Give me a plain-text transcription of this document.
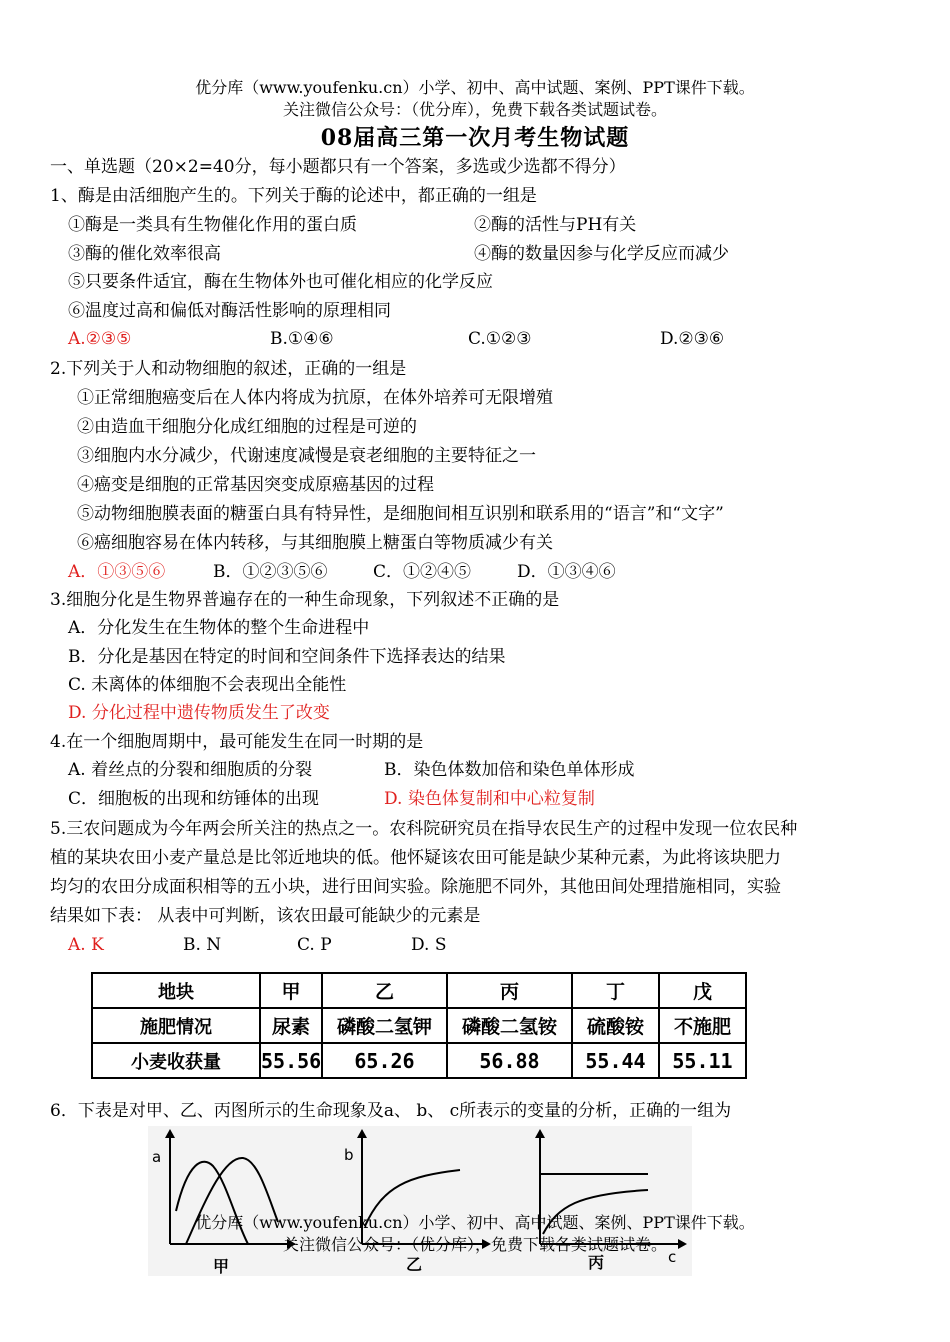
优分库（www.youfenku.cn）小学、初中、高中试题、案例、PPT课件下载。
关注微信公众号：（优分库），免费下载各类试题试卷。
08届高三第一次月考生物试题
一、单选题（20×2=40分，每小题都只有一个答案，多选或少选都不得分）
1、酶是由活细胞产生的。下列关于酶的论述中，都正确的一组是
①酶是一类具有生物催化作用的蛋白质	②酶的活性与PH有关
③酶的催化效率很高	④酶的数量因参与化学反应而减少
⑤只要条件适宜，酶在生物体外也可催化相应的化学反应
⑥温度过高和偏低对酶活性影响的原理相同
A.②③⑤	B.①④⑥	C.①②③	D.②③⑥
2.下列关于人和动物细胞的叙述，正确的一组是
①正常细胞癌变后在人体内将成为抗原，在体外培养可无限增殖
②由造血干细胞分化成红细胞的过程是可逆的
③细胞内水分减少，代谢速度减慢是衰老细胞的主要特征之一
④癌变是细胞的正常基因突变成原癌基因的过程
⑤动物细胞膜表面的糖蛋白具有特异性，是细胞间相互识别和联系用的“语言”和“文字”
⑥癌细胞容易在体内转移，与其细胞膜上糖蛋白等物质减少有关
A．①③⑤⑥	B．①②③⑤⑥	C．①②④⑤	D．①③④⑥
3.细胞分化是生物界普遍存在的一种生命现象，下列叙述不正确的是
A．分化发生在生物体的整个生命进程中
B．分化是基因在特定的时间和空间条件下选择表达的结果
C. 未离体的体细胞不会表现出全能性
D. 分化过程中遗传物质发生了改变
4.在一个细胞周期中，最可能发生在同一时期的是
A. 着丝点的分裂和细胞质的分裂	B．染色体数加倍和染色单体形成
C．细胞板的出现和纺锤体的出现	D. 染色体复制和中心粒复制
5.三农问题成为今年两会所关注的热点之一。农科院研究员在指导农民生产的过程中发现一位农民种
植的某块农田小麦产量总是比邻近地块的低。他怀疑该农田可能是缺少某种元素，为此将该块肥力
均匀的农田分成面积相等的五小块，进行田间实验。除施肥不同外，其他田间处理措施相同，实验
结果如下表： 从表中可判断，该农田最可能缺少的元素是
A. K	B. N	C. P	D. S
地块	甲	乙	丙	丁	戊
施肥情况	尿素	磷酸二氢钾	磷酸二氢铵	硫酸铵	不施肥
小麦收获量	55.56	65.26	56.88	55.44	55.11
6．下表是对甲、乙、丙图所示的生命现象及a、 b、 c所表示的变量的分析，正确的一组为
a	b
c
甲	乙	丙
优分库（www.youfenku.cn）小学、初中、高中试题、案例、PPT课件下载。
关注微信公众号：（优分库），免费下载各类试题试卷。
